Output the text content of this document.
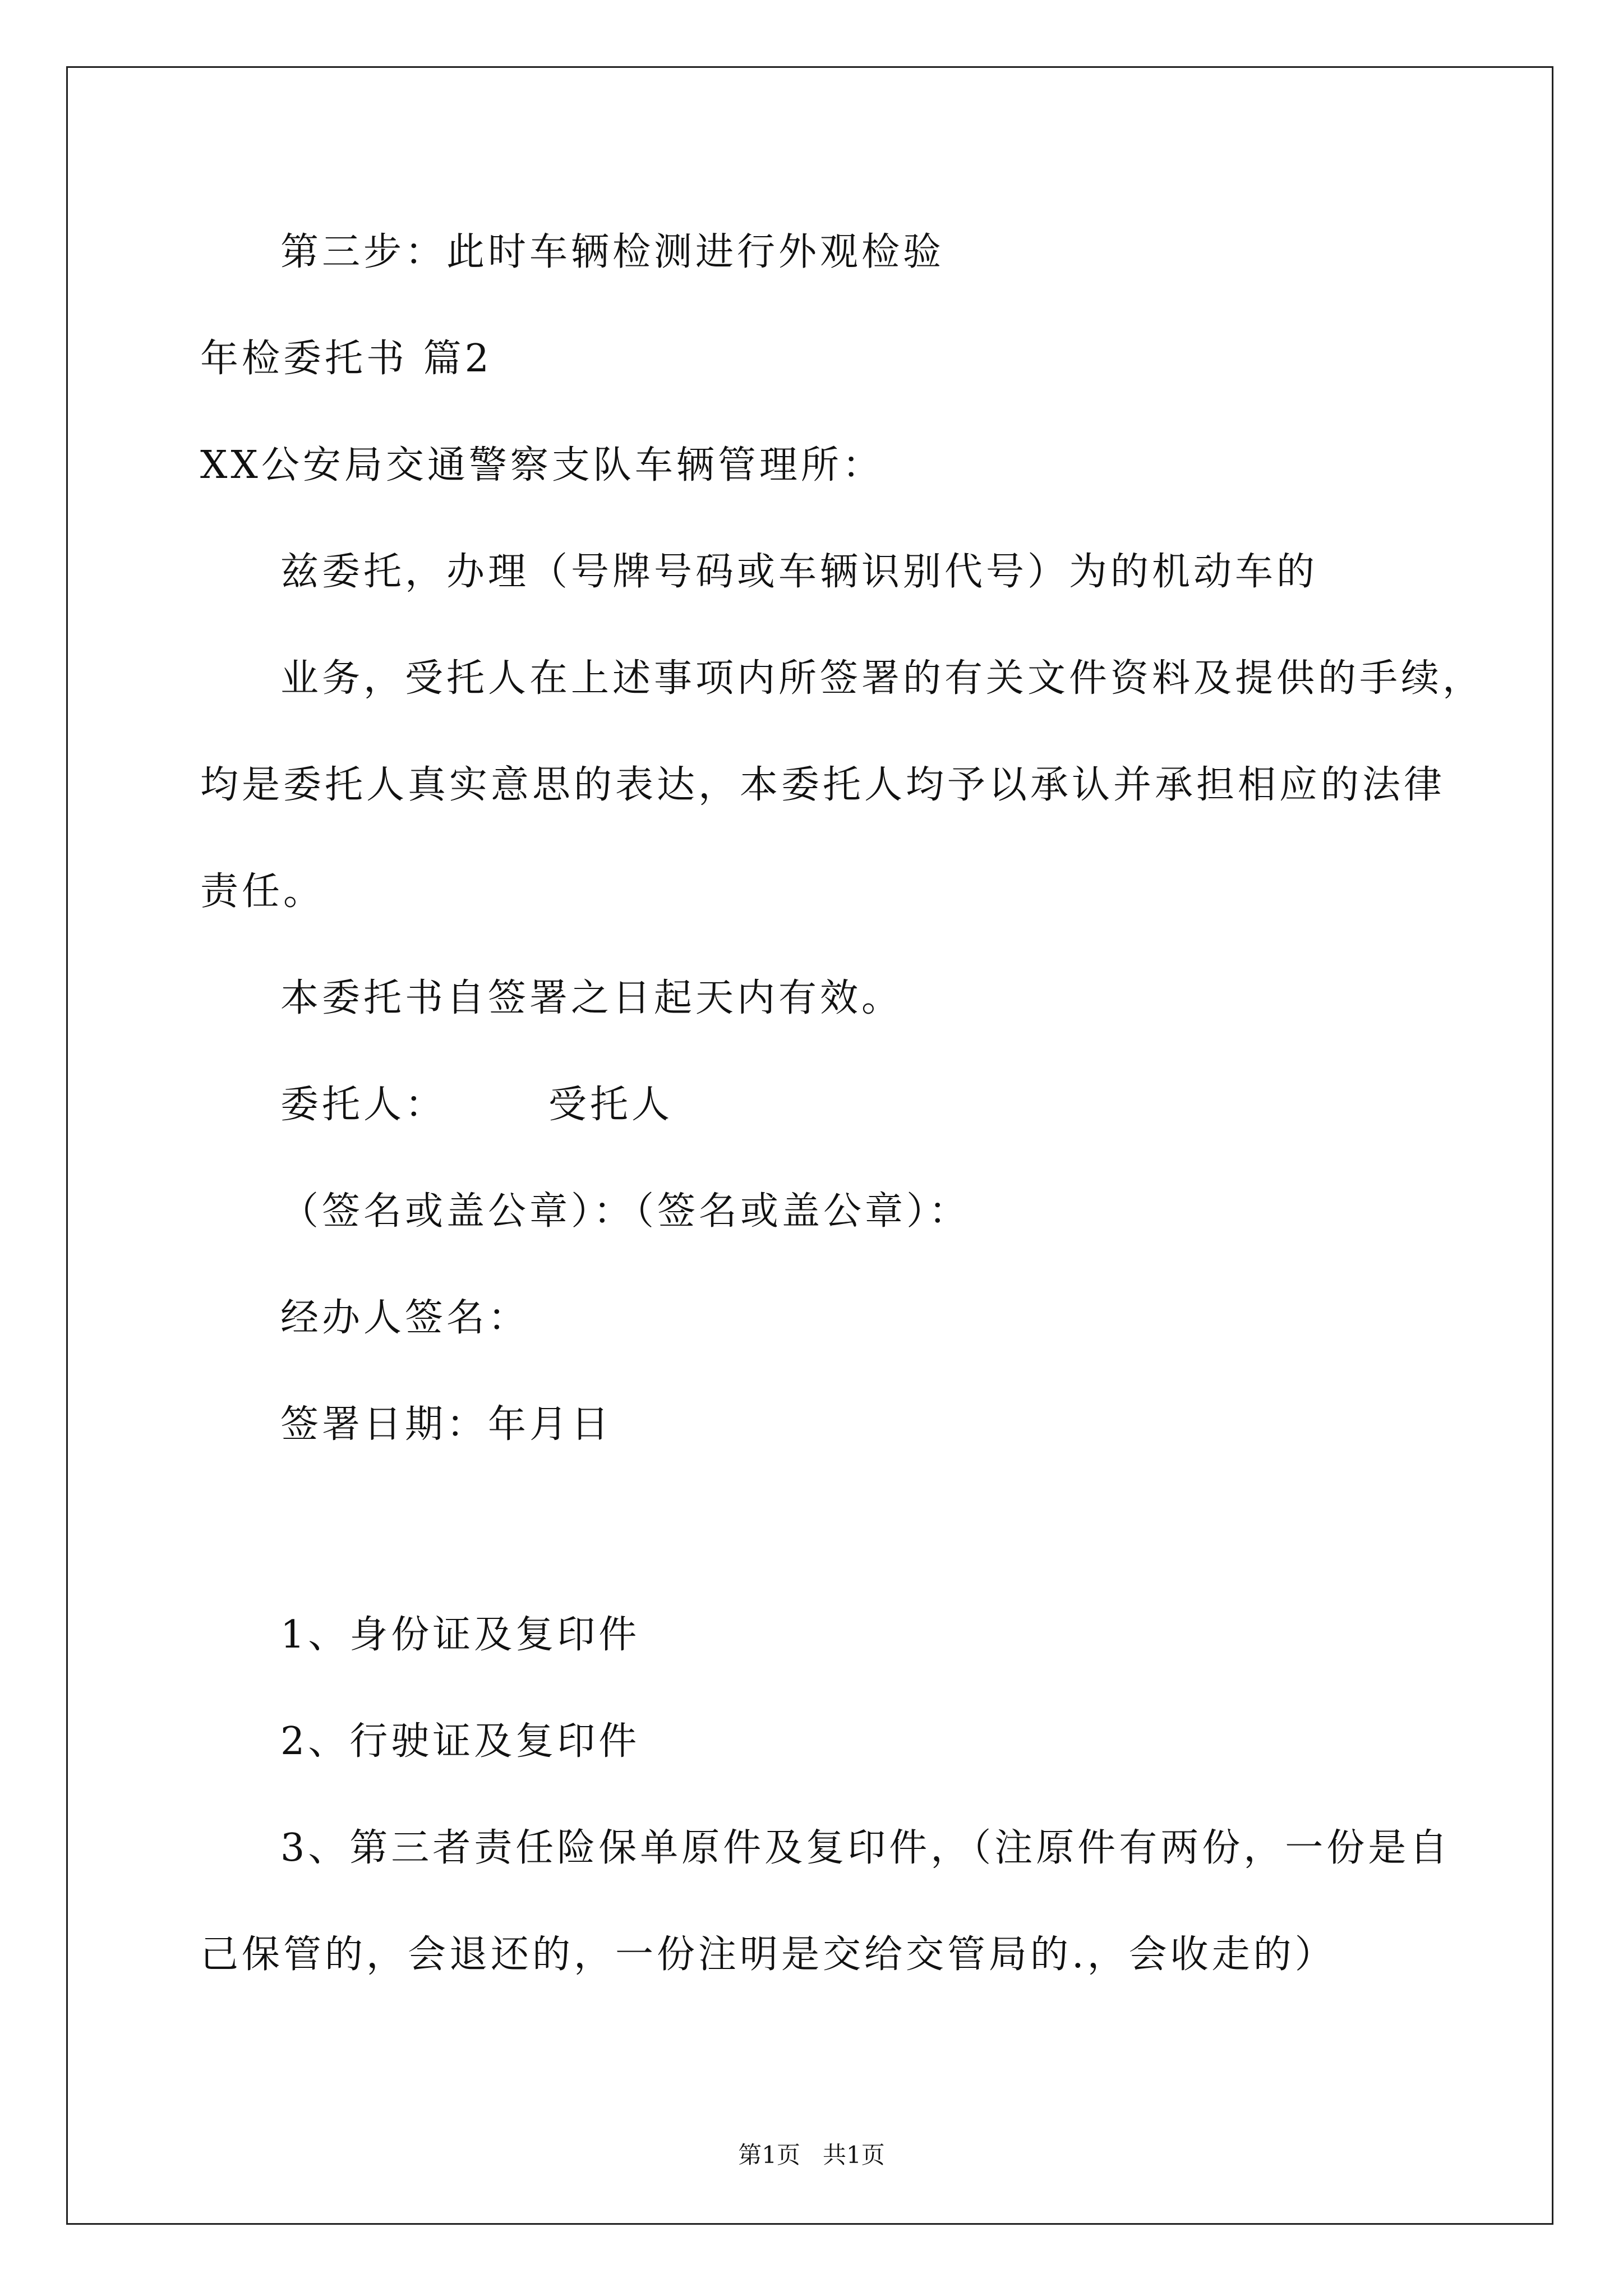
第三步：此时车辆检测进行外观检验
年检委托书 篇2
XX公安局交通警察支队车辆管理所：
兹委托，办理（号牌号码或车辆识别代号）为的机动车的
业务，受托人在上述事项内所签署的有关文件资料及提供的手续，
均是委托人真实意思的表达，本委托人均予以承认并承担相应的法律
责任。
本委托书自签署之日起天内有效。
委托人：	受托人
（签名或盖公章）：（签名或盖公章）：
经办人签名：
签署日期：年月日
1、身份证及复印件
2、行驶证及复印件
3、第三者责任险保单原件及复印件，（注原件有两份，一份是自
己保管的，会退还的，一份注明是交给交管局的.，会收走的）
第1页   共1页
